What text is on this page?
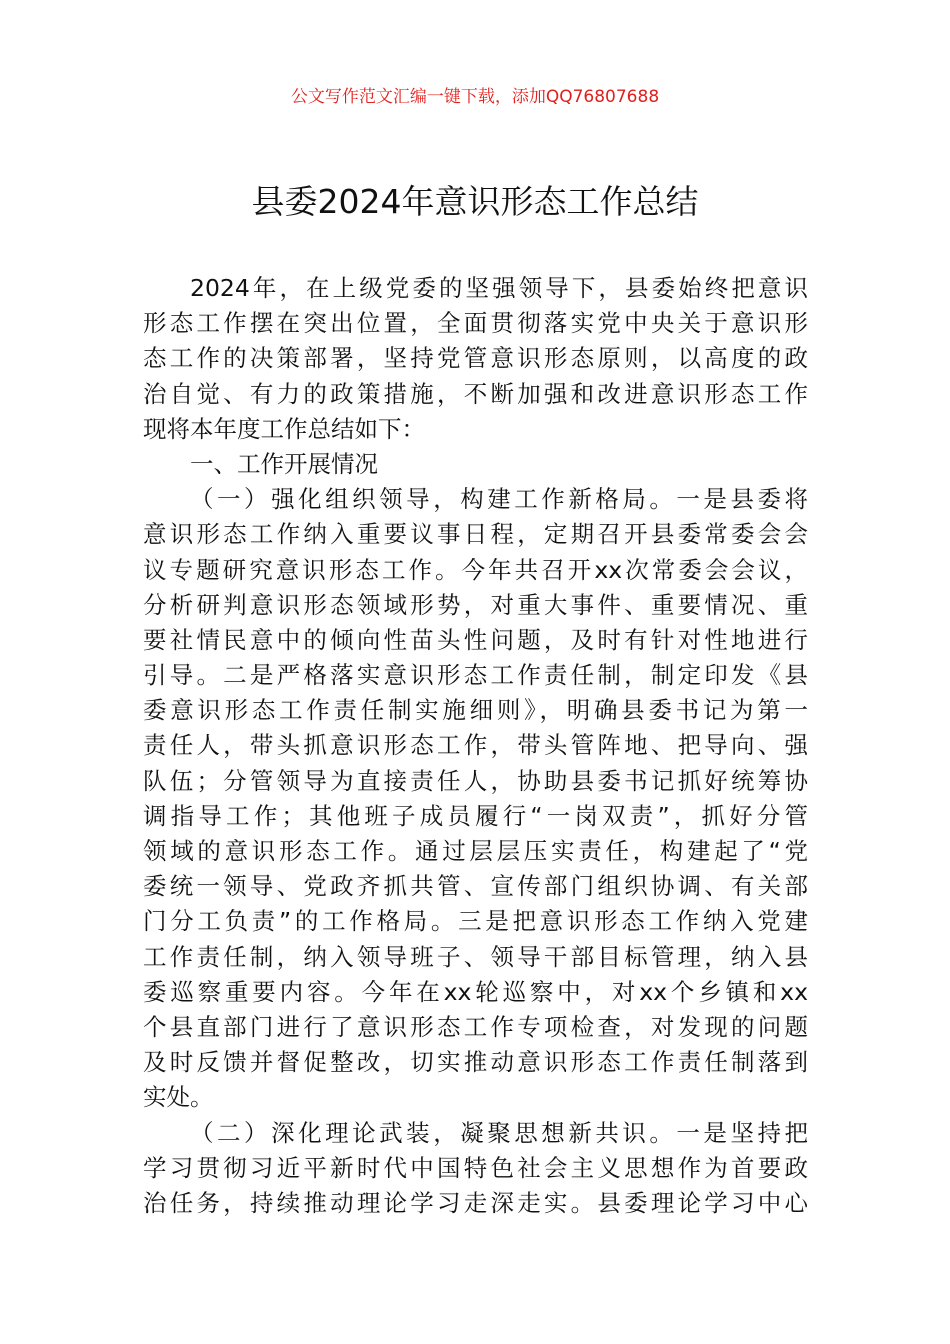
公文写作范文汇编一键下载，添加QQ76807688
县委2024年意识形态工作总结
2024年，在上级党委的坚强领导下，县委始终把意识
形态工作摆在突出位置，全面贯彻落实党中央关于意识形
态工作的决策部署，坚持党管意识形态原则，以高度的政
治自觉、有力的政策措施，不断加强和改进意识形态工作
现将本年度工作总结如下：
一、工作开展情况
（一）强化组织领导，构建工作新格局。一是县委将
意识形态工作纳入重要议事日程，定期召开县委常委会会
议专题研究意识形态工作。今年共召开xx次常委会会议，
分析研判意识形态领域形势，对重大事件、重要情况、重
要社情民意中的倾向性苗头性问题，及时有针对性地进行
引导。二是严格落实意识形态工作责任制，制定印发《县
委意识形态工作责任制实施细则》，明确县委书记为第一
责任人，带头抓意识形态工作，带头管阵地、把导向、强
队伍；分管领导为直接责任人，协助县委书记抓好统筹协
调指导工作；其他班子成员履行“一岗双责”，抓好分管
领域的意识形态工作。通过层层压实责任，构建起了“党
委统一领导、党政齐抓共管、宣传部门组织协调、有关部
门分工负责”的工作格局。三是把意识形态工作纳入党建
工作责任制，纳入领导班子、领导干部目标管理，纳入县
委巡察重要内容。今年在xx轮巡察中，对xx个乡镇和xx
个县直部门进行了意识形态工作专项检查，对发现的问题
及时反馈并督促整改，切实推动意识形态工作责任制落到
实处。
（二）深化理论武装，凝聚思想新共识。一是坚持把
学习贯彻习近平新时代中国特色社会主义思想作为首要政
治任务，持续推动理论学习走深走实。县委理论学习中心
